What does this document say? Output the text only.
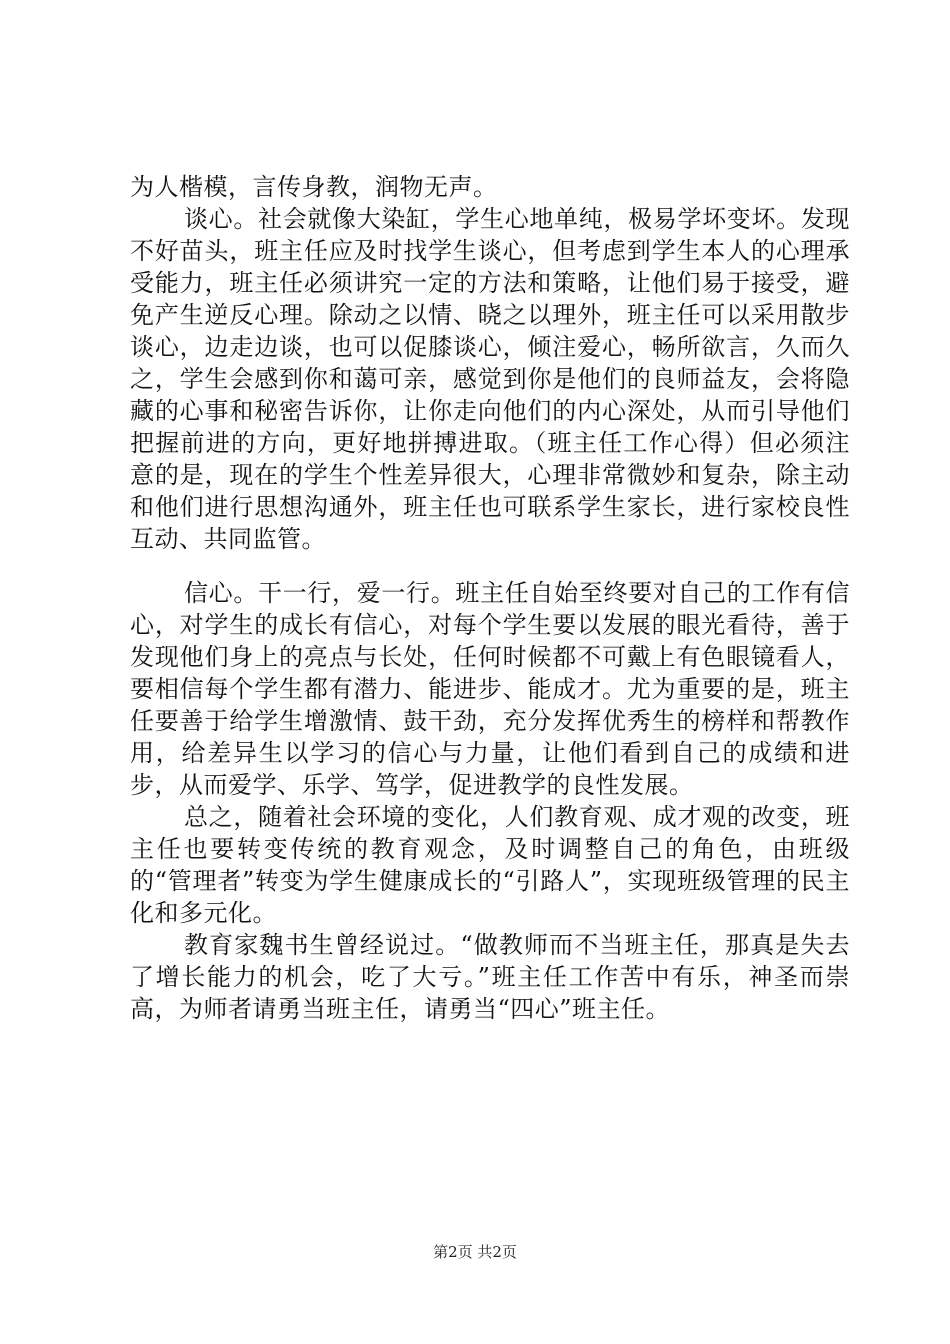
为人楷模，言传身教，润物无声。

谈心。社会就像大染缸，学生心地单纯，极易学坏变坏。发现不好苗头，班主任应及时找学生谈心，但考虑到学生本人的心理承受能力，班主任必须讲究一定的方法和策略，让他们易于接受，避免产生逆反心理。除动之以情、晓之以理外，班主任可以采用散步谈心，边走边谈，也可以促膝谈心，倾注爱心，畅所欲言，久而久之，学生会感到你和蔼可亲，感觉到你是他们的良师益友，会将隐藏的心事和秘密告诉你，让你走向他们的内心深处，从而引导他们把握前进的方向，更好地拼搏进取。（班主任工作心得）但必须注意的是，现在的学生个性差异很大，心理非常微妙和复杂，除主动和他们进行思想沟通外，班主任也可联系学生家长，进行家校良性互动、共同监管。

信心。干一行，爱一行。班主任自始至终要对自己的工作有信心，对学生的成长有信心，对每个学生要以发展的眼光看待，善于发现他们身上的亮点与长处，任何时候都不可戴上有色眼镜看人，要相信每个学生都有潜力、能进步、能成才。尤为重要的是，班主任要善于给学生增激情、鼓干劲，充分发挥优秀生的榜样和帮教作用，给差异生以学习的信心与力量，让他们看到自己的成绩和进步，从而爱学、乐学、笃学，促进教学的良性发展。

总之，随着社会环境的变化，人们教育观、成才观的改变，班主任也要转变传统的教育观念，及时调整自己的角色，由班级的“管理者”转变为学生健康成长的“引路人”，实现班级管理的民主化和多元化。

教育家魏书生曾经说过。“做教师而不当班主任，那真是失去了增长能力的机会，吃了大亏。”班主任工作苦中有乐，神圣而崇高，为师者请勇当班主任，请勇当“四心”班主任。

第2页 共2页
